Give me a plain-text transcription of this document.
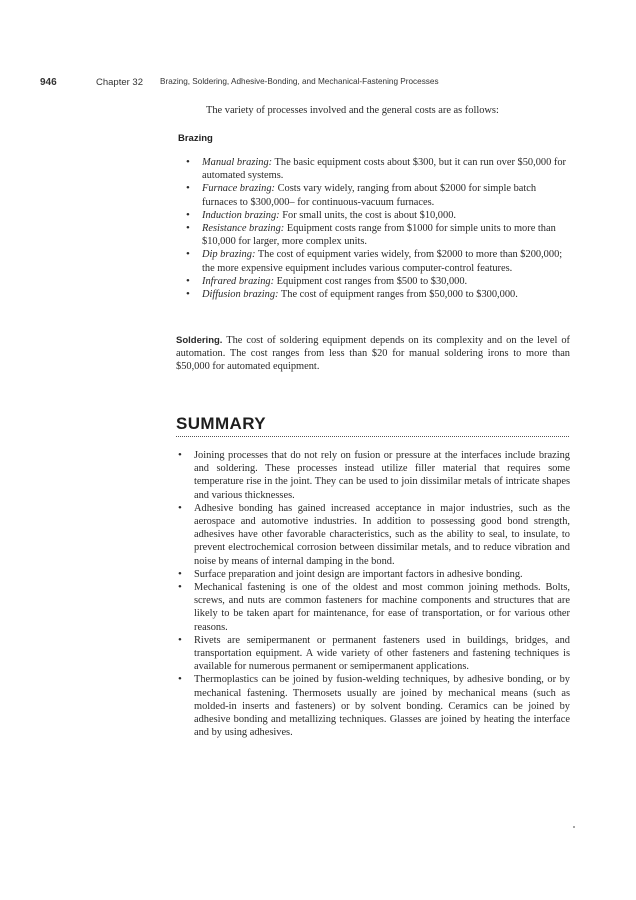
946	Chapter 32 Brazing, Soldering, Adhesive-Bonding, and Mechanical-Fastening Processes
The variety of processes involved and the general costs are as follows:
Brazing
• Manual brazing: The basic equipment costs about $300, but it can run over $50,000 for automated systems.
• Furnace brazing: Costs vary widely, ranging from about $2000 for simple batch furnaces to $300,000– for continuous-vacuum furnaces.
• Induction brazing: For small units, the cost is about $10,000.
• Resistance brazing: Equipment costs range from $1000 for simple units to more than $10,000 for larger, more complex units.
• Dip brazing: The cost of equipment varies widely, from $2000 to more than $200,000; the more expensive equipment includes various computer-control features.
• Infrared brazing: Equipment cost ranges from $500 to $30,000.
• Diffusion brazing: The cost of equipment ranges from $50,000 to $300,000.

Soldering. The cost of soldering equipment depends on its complexity and on the level of automation. The cost ranges from less than $20 for manual soldering irons to more than $50,000 for automated equipment.

SUMMARY
• Joining processes that do not rely on fusion or pressure at the interfaces include brazing and soldering. These processes instead utilize filler material that requires some temperature rise in the joint. They can be used to join dissimilar metals of intricate shapes and various thicknesses.
• Adhesive bonding has gained increased acceptance in major industries, such as the aerospace and automotive industries. In addition to possessing good bond strength, adhesives have other favorable characteristics, such as the ability to seal, to insulate, to prevent electrochemical corrosion between dissimilar metals, and to reduce vibration and noise by means of internal damping in the bond.
• Surface preparation and joint design are important factors in adhesive bonding.
• Mechanical fastening is one of the oldest and most common joining methods. Bolts, screws, and nuts are common fasteners for machine components and structures that are likely to be taken apart for maintenance, for ease of transportation, or for various other reasons.
• Rivets are semipermanent or permanent fasteners used in buildings, bridges, and transportation equipment. A wide variety of other fasteners and fastening techniques is available for numerous permanent or semipermanent applications.
• Thermoplastics can be joined by fusion-welding techniques, by adhesive bonding, or by mechanical fastening. Thermosets usually are joined by mechanical means (such as molded-in inserts and fasteners) or by solvent bonding. Ceramics can be joined by adhesive bonding and metallizing techniques. Glasses are joined by heating the interface and by using adhesives.
